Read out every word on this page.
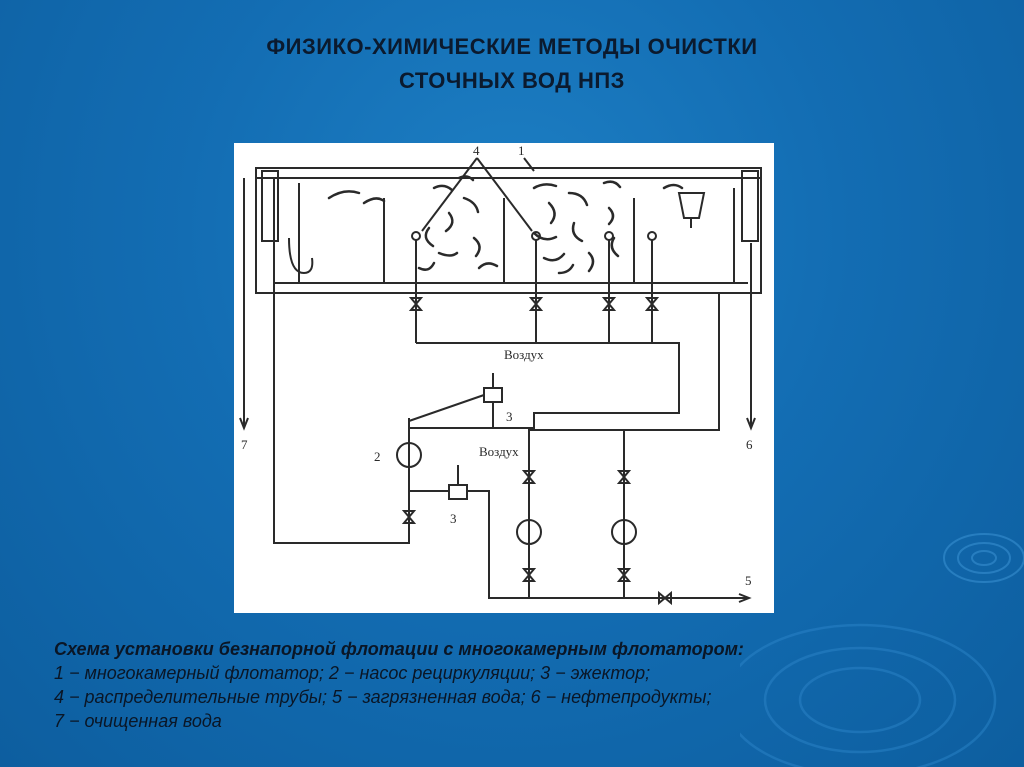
ФИЗИКО-ХИМИЧЕСКИЕ МЕТОДЫ ОЧИСТКИ
СТОЧНЫХ ВОД НПЗ
4	1
Воздух
3
Воздух
2
3
7	6
5
Схема установки безнапорной флотации с многокамерным флотатором:
1 − многокамерный флотатор; 2 − насос рециркуляции; 3 − эжектор;
4 − распределительные трубы; 5 − загрязненная вода; 6 − нефтепродукты;
7 − очищенная вода
